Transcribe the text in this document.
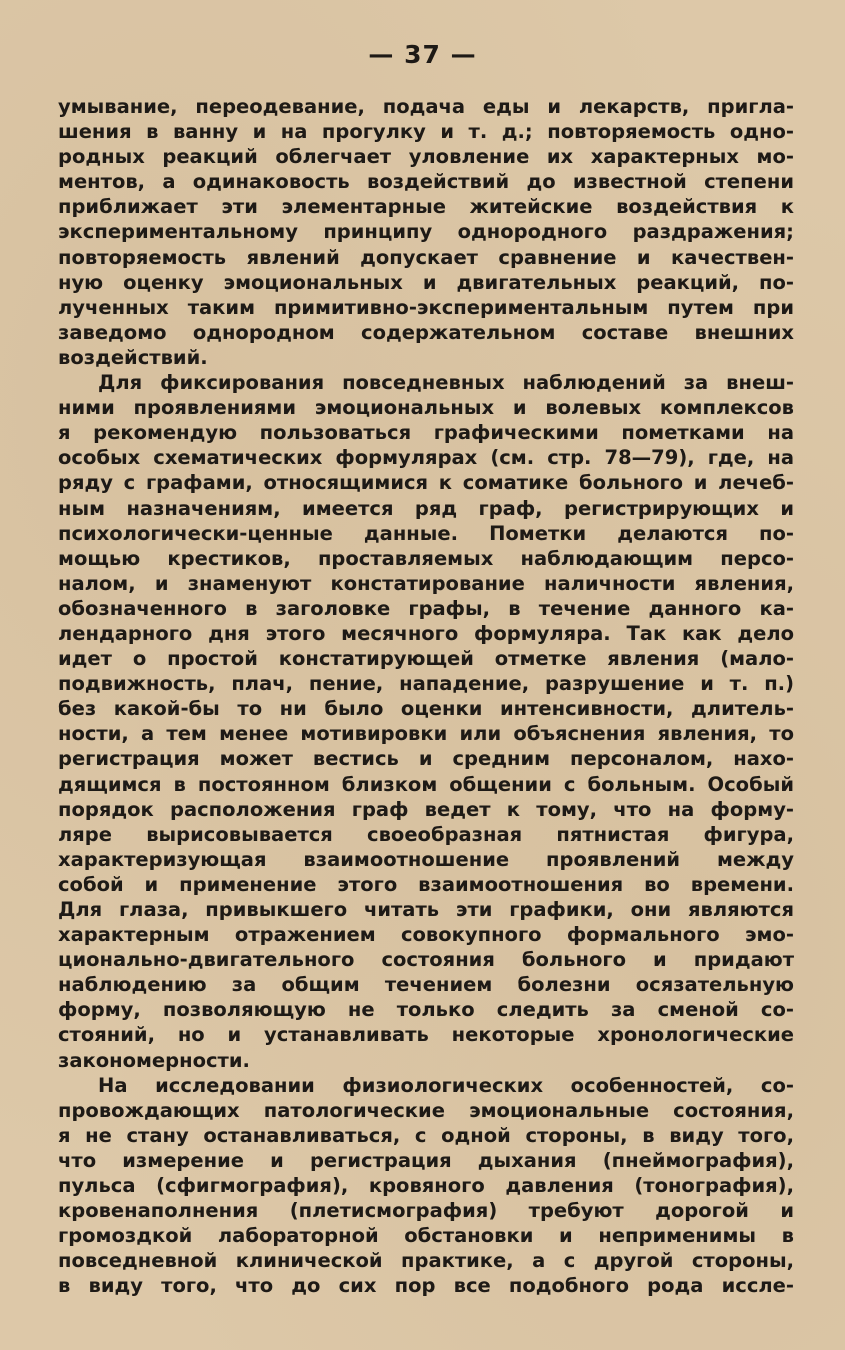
— 37 —
умывание, переодевание, подача еды и лекарств, пригла-
шения в ванну и на прогулку и т. д.; повторяемость одно-
родных реакций облегчает уловление их характерных мо-
ментов, а одинаковость воздействий до известной степени
приближает эти элементарные житейские воздействия к
экспериментальному принципу однородного раздражения;
повторяемость явлений допускает сравнение и качествен-
ную оценку эмоциональных и двигательных реакций, по-
лученных таким примитивно-экспериментальным путем при
заведомо однородном содержательном составе внешних
воздействий.
Для фиксирования повседневных наблюдений за внеш-
ними проявлениями эмоциональных и волевых комплексов
я рекомендую пользоваться графическими пометками на
особых схематических формулярах (см. стр. 78—79), где, на
ряду с графами, относящимися к соматике больного и лечеб-
ным назначениям, имеется ряд граф, регистрирующих и
психологически-ценные данные. Пометки делаются по-
мощью крестиков, проставляемых наблюдающим персо-
налом, и знаменуют констатирование наличности явления,
обозначенного в заголовке графы, в течение данного ка-
лендарного дня этого месячного формуляра. Так как дело
идет о простой констатирующей отметке явления (мало-
подвижность, плач, пение, нападение, разрушение и т. п.)
без какой-бы то ни было оценки интенсивности, длитель-
ности, а тем менее мотивировки или объяснения явления, то
регистрация может вестись и средним персоналом, нахо-
дящимся в постоянном близком общении с больным. Особый
порядок расположения граф ведет к тому, что на форму-
ляре вырисовывается своеобразная пятнистая фигура,
характеризующая взаимоотношение проявлений между
собой и применение этого взаимоотношения во времени.
Для глаза, привыкшего читать эти графики, они являются
характерным отражением совокупного формального эмо-
ционально-двигательного состояния больного и придают
наблюдению за общим течением болезни осязательную
форму, позволяющую не только следить за сменой со-
стояний, но и устанавливать некоторые хронологические
закономерности.
На исследовании физиологических особенностей, со-
провождающих патологические эмоциональные состояния,
я не стану останавливаться, с одной стороны, в виду того,
что измерение и регистрация дыхания (пнеймография),
пульса (сфигмография), кровяного давления (тонография),
кровенаполнения (плетисмография) требуют дорогой и
громоздкой лабораторной обстановки и неприменимы в
повседневной клинической практике, а с другой стороны,
в виду того, что до сих пор все подобного рода иссле-
